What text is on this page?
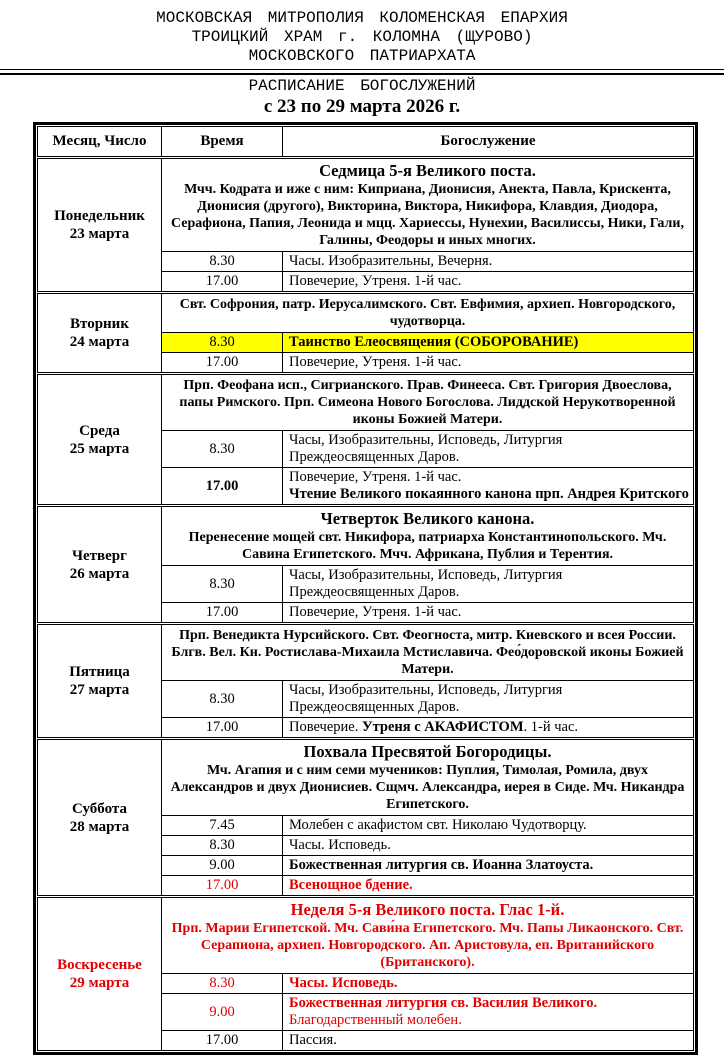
МОСКОВСКАЯ МИТРОПОЛИЯ КОЛОМЕНСКАЯ ЕПАРХИЯ
ТРОИЦКИЙ ХРАМ г. КОЛОМНА (ЩУРОВО)
МОСКОВСКОГО ПАТРИАРХАТА
РАСПИСАНИЕ БОГОСЛУЖЕНИЙ
с 23 по 29 марта 2026 г.
Месяц, Число	Время	Богослужение

Понедельник
23 марта

Седмица 5-я Великого поста.
Мчч. Кодрата и иже с ним: Киприана, Дионисия, Анекта, Павла, Крискента, Дионисия (другого), Викторина, Виктора, Никифора, Клавдия, Диодора, Серафиона, Папия, Леонида и мцц. Хариессы, Нунехии, Василиссы, Ники, Гали, Галины, Феодоры и иных многих.

	8.30	Часы. Изобразительны, Вечерня.
	17.00	Повечерие, Утреня. 1-й час.

Вторник
24 марта	Свт. Софрония, патр. Иерусалимского. Свт. Евфимия, архиеп. Новгородского, чудотворца.	

	8.30	Таинство Елеосвящения (СОБОРОВАНИЕ)
	17.00	Повечерие, Утреня. 1-й час.

Среда
25 марта	Прп. Феофана исп., Сигрианского. Прав. Финееса. Свт. Григория Двоеслова, папы Римского. Прп. Симеона Нового Богослова. Лиддской Нерукотворенной иконы Божией Матери.	

	8.30	Часы, Изобразительны, Исповедь, Литургия Преждеосвященных Даров.
	17.00	Повечерие, Утреня. 1-й час.
Чтение Великого покаянного канона прп. Андрея Критского

Четверг
26 марта

Четверток Великого канона.
Перенесение мощей свт. Никифора, патриарха Константинопольского. Мч. Савина Египетского. Мчч. Африкана, Публия и Терентия.

	8.30	Часы, Изобразительны, Исповедь, Литургия Преждеосвященных Даров.
	17.00	Повечерие, Утреня. 1-й час.

Пятница
27 марта	Прп. Венедикта Нурсийского. Свт. Феогноста, митр. Киевского и всея России. Блгв. Вел. Кн. Ростислава-Михаила Мстиславича. Фео́доровской иконы Божией Матери.	

	8.30	Часы, Изобразительны, Исповедь, Литургия Преждеосвященных Даров.
	17.00	Повечерие. Утреня с АКАФИСТОМ. 1-й час.

Суббота
28 марта

Похвала Пресвятой Богородицы.
Мч. Агапия и с ним семи мучеников: Пуплия, Тимолая, Ромила, двух Александров и двух Дионисиев. Сщмч. Александра, иерея в Сиде. Мч. Никандра Египетского.

	7.45	Молебен с акафистом свт. Николаю Чудотворцу.
	8.30	Часы. Исповедь.
	9.00	Божественная литургия св. Иоанна Златоуста.
	17.00	Всенощное бдение.

Воскресенье
29 марта

Неделя 5-я Великого поста. Глас 1-й.
Прп. Марии Египетской. Мч. Сави́на Египетского. Мч. Папы Ликаонского. Свт. Серапиона, архиеп. Новгородского. Ап. Аристовула, еп. Вританийского (Британского).

	8.30	Часы. Исповедь.
	9.00	Божественная литургия св. Василия Великого.
Благодарственный молебен.
	17.00	Пассия.
